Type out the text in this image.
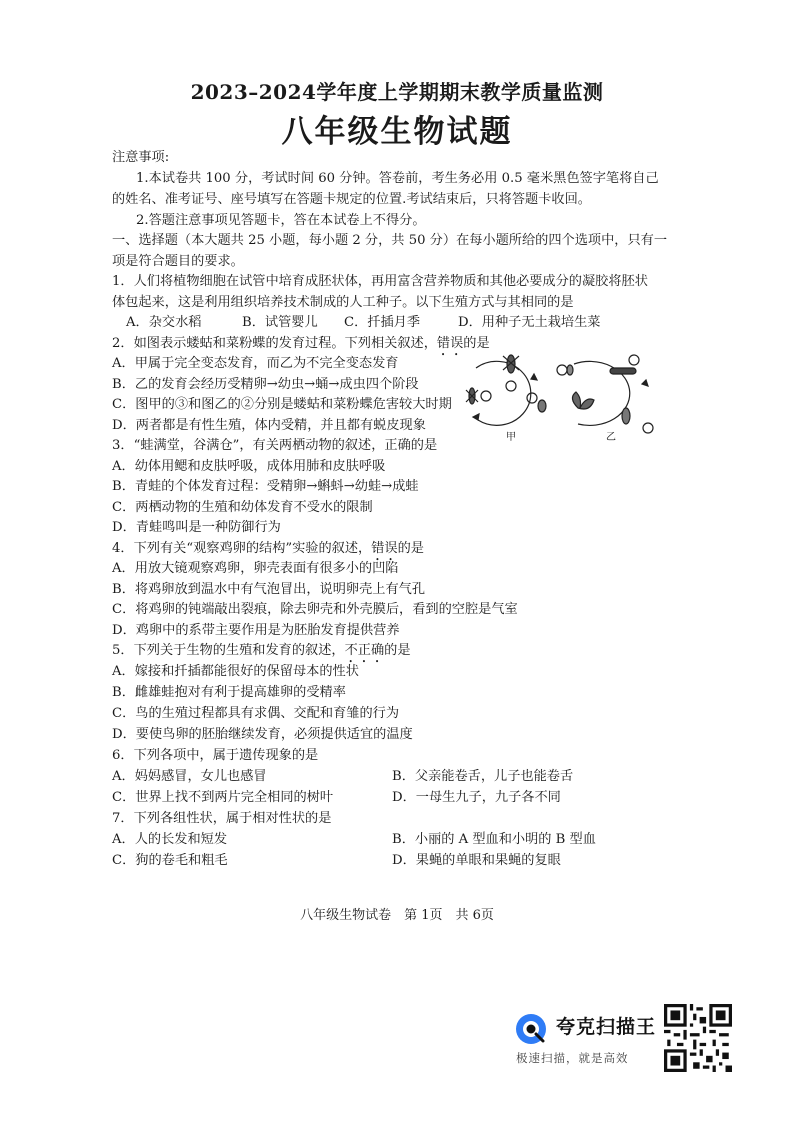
2023–2024学年度上学期期末教学质量监测
八年级生物试题
注意事项:
1.本试卷共 100 分，考试时间 60 分钟。答卷前，考生务必用 0.5 毫米黑色签字笔将自己
的姓名、准考证号、座号填写在答题卡规定的位置.考试结束后，只将答题卡收回。
2.答题注意事项见答题卡，答在本试卷上不得分。
一、选择题（本大题共 25 小题，每小题 2 分，共 50 分）在每小题所给的四个选项中，只有一
项是符合题目的要求。
1．人们将植物细胞在试管中培育成胚状体，再用富含营养物质和其他必要成分的凝胶将胚状
体包起来，这是利用组织培养技术制成的人工种子。以下生殖方式与其相同的是
A．杂交水稻	B．试管婴儿 C．扦插月季	D．用种子无土栽培生菜
2．如图表示蝼蛄和菜粉蝶的发育过程。下列相关叙述，错误的是
A．甲属于完全变态发育，而乙为不完全变态发育
B．乙的发育会经历受精卵→幼虫→蛹→成虫四个阶段
C．图甲的③和图乙的②分别是蝼蛄和菜粉蝶危害较大时期
D．两者都是有性生殖，体内受精，并且都有蜕皮现象
甲	乙
3．“蛙满堂，谷满仓”，有关两栖动物的叙述，正确的是
A．幼体用鳃和皮肤呼吸，成体用肺和皮肤呼吸
B．青蛙的个体发育过程：受精卵→蝌蚪→幼蛙→成蛙
C．两栖动物的生殖和幼体发育不受水的限制
D．青蛙鸣叫是一种防御行为
4．下列有关“观察鸡卵的结构”实验的叙述，错误的是
A．用放大镜观察鸡卵，卵壳表面有很多小的凹陷
B．将鸡卵放到温水中有气泡冒出，说明卵壳上有气孔
C．将鸡卵的钝端敲出裂痕，除去卵壳和外壳膜后，看到的空腔是气室
D．鸡卵中的系带主要作用是为胚胎发育提供营养
5．下列关于生物的生殖和发育的叙述，不正确的是
A．嫁接和扦插都能很好的保留母本的性状
B．雌雄蛙抱对有利于提高雄卵的受精率
C．鸟的生殖过程都具有求偶、交配和育雏的行为
D．要使鸟卵的胚胎继续发育，必须提供适宜的温度
6．下列各项中，属于遗传现象的是
A．妈妈感冒，女儿也感冒	B．父亲能卷舌，儿子也能卷舌
C．世界上找不到两片完全相同的树叶	D．一母生九子，九子各不同
7．下列各组性状，属于相对性状的是
A．人的长发和短发	B．小丽的 A 型血和小明的 B 型血
C．狗的卷毛和粗毛	D．果蝇的单眼和果蝇的复眼
八年级生物试卷　第 1页　共 6页
夸克扫描王
极速扫描，就是高效
